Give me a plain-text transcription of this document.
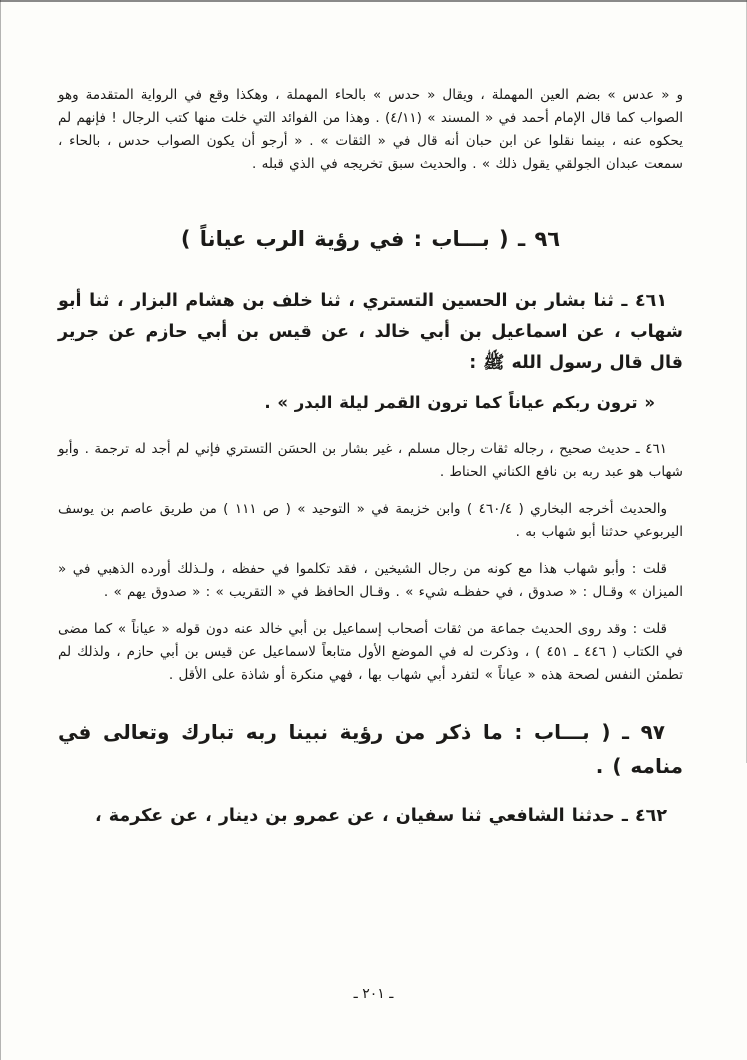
و « عدس » بضم العين المهملة ، ويقال « حدس » بالحاء المهملة ، وهكذا وقع في الرواية المتقدمة وهو الصواب كما قال الإمام أحمد في « المسند » (٤/١١) . وهذا من الفوائد التي خلت منها كتب الرجال ! فإنهم لم يحكوه عنه ، بينما نقلوا عن ابن حبان أنه قال في « الثقات » . « أرجو أن يكون الصواب حدس ، بالحاء ، سمعت عبدان الجولقي يقول ذلك » . والحديث سبق تخريجه في الذي قبله .

٩٦ ـ ( بـــاب : في رؤية الرب عياناً )

٤٦١ ـ ثنا بشار بن الحسين التستري ، ثنا خلف بن هشام البزار ، ثنا أبو شهاب ، عن اسماعيل بن أبي خالد ، عن قيس بن أبي حازم عن جرير قال قال رسول الله ﷺ :

« ترون ربكم عياناً كما ترون القمر ليلة البدر » .

٤٦١ ـ حديث صحيح ، رجاله ثقات رجال مسلم ، غير بشار بن الحسَن التستري فإني لم أجد له ترجمة . وأبو شهاب هو عبد ربه بن نافع الكناني الحناط .

والحديث أخرجه البخاري ( ٤٦٠/٤ ) وابن خزيمة في « التوحيد » ( ص ١١١ ) من طريق عاصم بن يوسف اليربوعي حدثنا أبو شهاب به .

قلت : وأبو شهاب هذا مع كونه من رجال الشيخين ، فقد تكلموا في حفظه ، ولـذلك أورده الذهبي في « الميزان » وقـال : « صدوق ، في حفظـه شيء » . وقـال الحافظ في « التقريب » : « صدوق يهم » .

قلت : وقد روى الحديث جماعة من ثقات أصحاب إسماعيل بن أبي خالد عنه دون قوله « عياناً » كما مضى في الكتاب ( ٤٤٦ ـ ٤٥١ ) ، وذكرت له في الموضع الأول متابعاً لاسماعيل عن قيس بن أبي حازم ، ولذلك لم تطمئن النفس لصحة هذه « عياناً » لتفرد أبي شهاب بها ، فهي منكرة أو شاذة على الأقل .

٩٧ ـ ( بـــاب : ما ذكر من رؤية نبينا ربه تبارك وتعالى في منامه ) .

٤٦٢ ـ حدثنا الشافعي ثنا سفيان ، عن عمرو بن دينار ، عن عكرمة ،

ـ ٢٠١ ـ
